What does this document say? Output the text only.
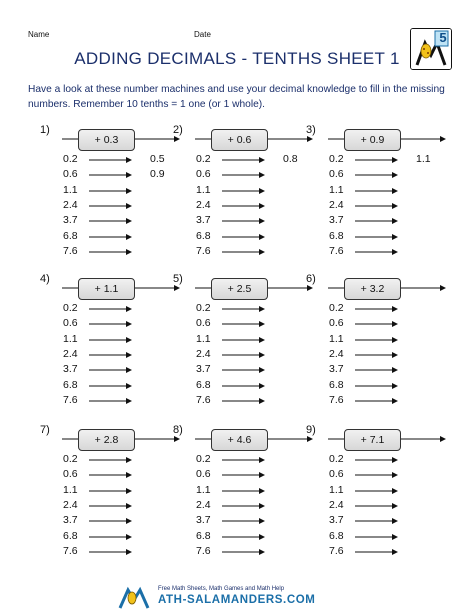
Name	Date	5
ADDING DECIMALS - TENTHS SHEET 1
Have a look at these number machines and use your decimal knowledge to fill in the missing numbers. Remember 10 tenths = 1 one (or 1 whole).
1)
+ 0.3
0.2	0.5
0.6	0.9
1.1
2.4
3.7
6.8
7.6
2)
+ 0.6
0.2	0.8
0.6
1.1
2.4
3.7
6.8
7.6
3)
+ 0.9
0.2	1.1
0.6
1.1
2.4
3.7
6.8
7.6
4)
+ 1.1
0.2
0.6
1.1
2.4
3.7
6.8
7.6
5)
+ 2.5
0.2
0.6
1.1
2.4
3.7
6.8
7.6
6)
+ 3.2
0.2
0.6
1.1
2.4
3.7
6.8
7.6
7)
+ 2.8
0.2
0.6
1.1
2.4
3.7
6.8
7.6
8)
+ 4.6
0.2
0.6
1.1
2.4
3.7
6.8
7.6
9)
+ 7.1
0.2
0.6
1.1
2.4
3.7
6.8
7.6
Free Math Sheets, Math Games and Math Help
ATH-SALAMANDERS.COM
